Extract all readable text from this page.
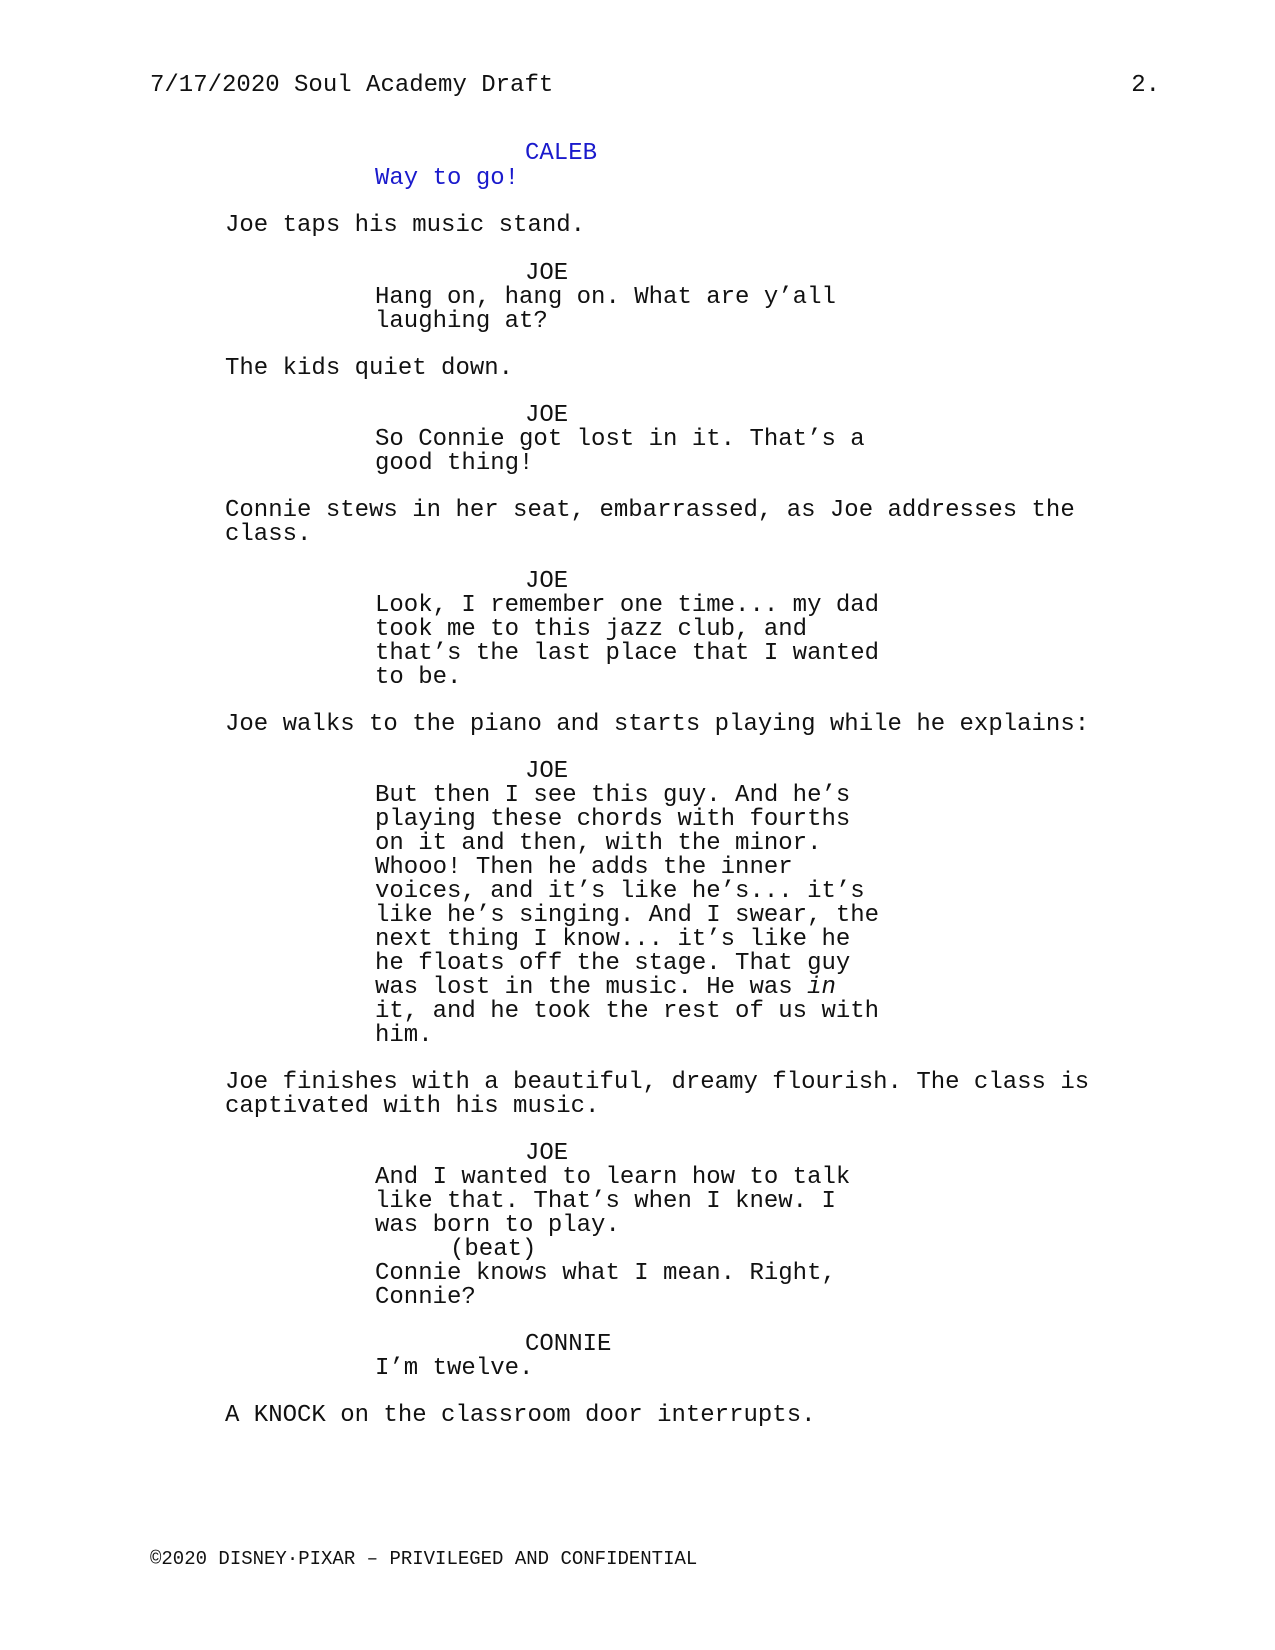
7/17/2020 Soul Academy Draft	2.
CALEB
Way to go!
Joe taps his music stand.
JOE
Hang on, hang on. What are y’all
laughing at?
The kids quiet down.
JOE
So Connie got lost in it. That’s a
good thing!
Connie stews in her seat, embarrassed, as Joe addresses the
class.
JOE
Look, I remember one time... my dad
took me to this jazz club, and
that’s the last place that I wanted
to be.
Joe walks to the piano and starts playing while he explains:
JOE
But then I see this guy. And he’s
playing these chords with fourths
on it and then, with the minor.
Whooo! Then he adds the inner
voices, and it’s like he’s... it’s
like he’s singing. And I swear, the
next thing I know... it’s like he
he floats off the stage. That guy
was lost in the music. He was in
it, and he took the rest of us with
him.
Joe finishes with a beautiful, dreamy flourish. The class is
captivated with his music.
JOE
And I wanted to learn how to talk
like that. That’s when I knew. I
was born to play.
(beat)
Connie knows what I mean. Right,
Connie?
CONNIE
I’m twelve.
A KNOCK on the classroom door interrupts.
©2020 DISNEY·PIXAR – PRIVILEGED AND CONFIDENTIAL
